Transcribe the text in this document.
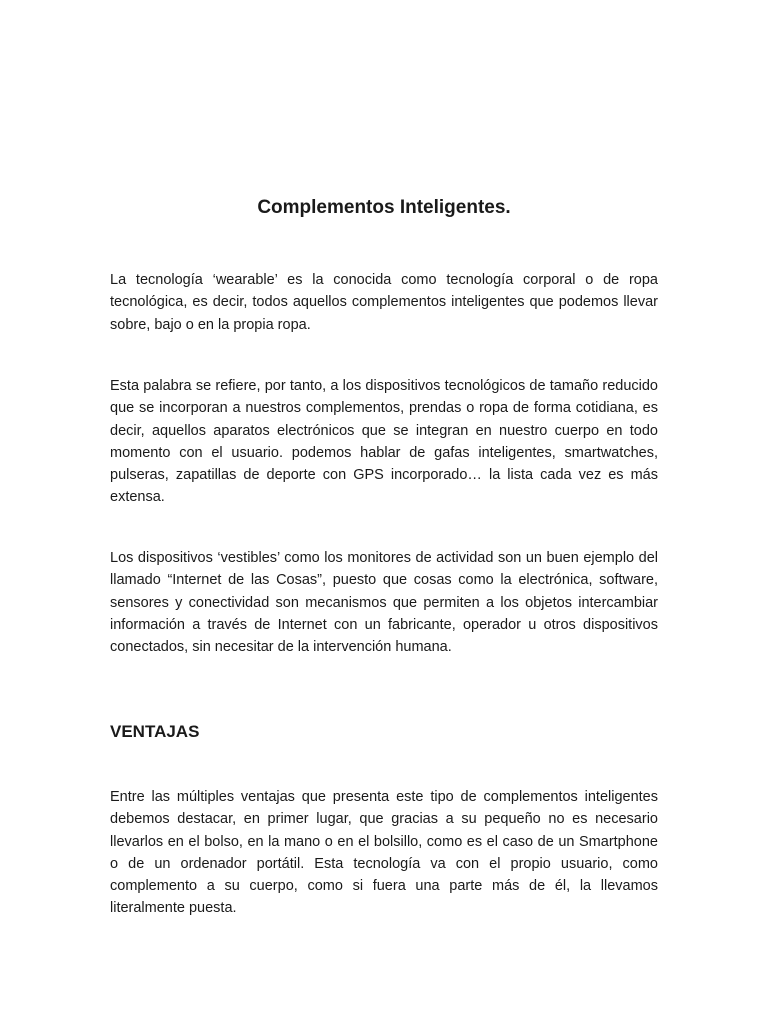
Complementos Inteligentes.

La tecnología ‘wearable’ es la conocida como tecnología corporal o de ropa tecnológica, es decir, todos aquellos complementos inteligentes que podemos llevar sobre, bajo o en la propia ropa.

Esta palabra se refiere, por tanto, a los dispositivos tecnológicos de tamaño reducido que se incorporan a nuestros complementos, prendas o ropa de forma cotidiana, es decir, aquellos aparatos electrónicos que se integran en nuestro cuerpo en todo momento con el usuario. podemos hablar de gafas inteligentes, smartwatches, pulseras, zapatillas de deporte con GPS incorporado… la lista cada vez es más extensa.

Los dispositivos ‘vestibles’ como los monitores de actividad son un buen ejemplo del llamado “Internet de las Cosas”, puesto que cosas como la electrónica, software, sensores y conectividad son mecanismos que permiten a los objetos intercambiar información a través de Internet con un fabricante, operador u otros dispositivos conectados, sin necesitar de la intervención humana.

VENTAJAS

Entre las múltiples ventajas que presenta este tipo de complementos inteligentes debemos destacar, en primer lugar, que gracias a su pequeño no es necesario llevarlos en el bolso, en la mano o en el bolsillo, como es el caso de un Smartphone o de un ordenador portátil. Esta tecnología va con el propio usuario, como complemento a su cuerpo, como si fuera una parte más de él, la llevamos literalmente puesta.
